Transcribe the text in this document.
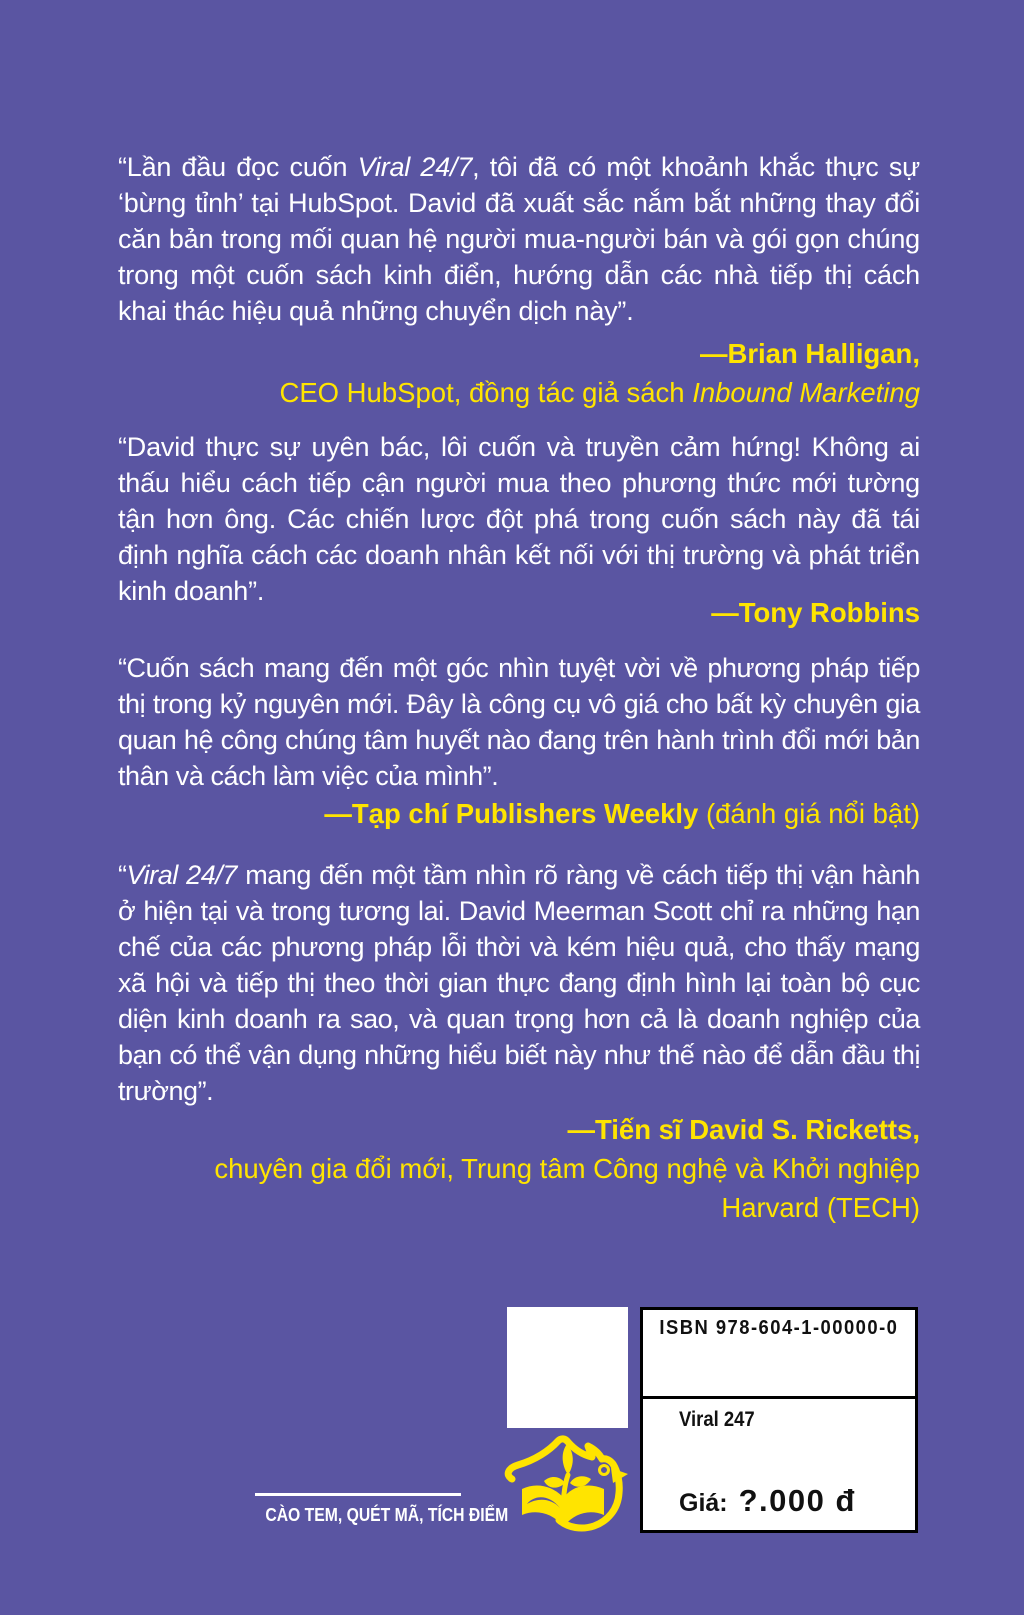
“Lần đầu đọc cuốn Viral 24/7, tôi đã có một khoảnh khắc thực sự ‘bừng tỉnh’ tại HubSpot. David đã xuất sắc nắm bắt những thay đổi căn bản trong mối quan hệ người mua-người bán và gói gọn chúng trong một cuốn sách kinh điển, hướng dẫn các nhà tiếp thị cách khai thác hiệu quả những chuyển dịch này”.

—Brian Halligan,
CEO HubSpot, đồng tác giả sách Inbound Marketing

“David thực sự uyên bác, lôi cuốn và truyền cảm hứng! Không ai thấu hiểu cách tiếp cận người mua theo phương thức mới tường tận hơn ông. Các chiến lược đột phá trong cuốn sách này đã tái định nghĩa cách các doanh nhân kết nối với thị trường và phát triển kinh doanh”.

—Tony Robbins

“Cuốn sách mang đến một góc nhìn tuyệt vời về phương pháp tiếp thị trong kỷ nguyên mới. Đây là công cụ vô giá cho bất kỳ chuyên gia quan hệ công chúng tâm huyết nào đang trên hành trình đổi mới bản thân và cách làm việc của mình”.

—Tạp chí Publishers Weekly (đánh giá nổi bật)

“Viral 24/7 mang đến một tầm nhìn rõ ràng về cách tiếp thị vận hành ở hiện tại và trong tương lai. David Meerman Scott chỉ ra những hạn chế của các phương pháp lỗi thời và kém hiệu quả, cho thấy mạng xã hội và tiếp thị theo thời gian thực đang định hình lại toàn bộ cục diện kinh doanh ra sao, và quan trọng hơn cả là doanh nghiệp của bạn có thể vận dụng những hiểu biết này như thế nào để dẫn đầu thị trường”.

—Tiến sĩ David S. Ricketts,
chuyên gia đổi mới, Trung tâm Công nghệ và Khởi nghiệp Harvard (TECH)
ISBN 978-604-1-00000-0
Viral 247
Giá: ?.000 đ
CÀO TEM, QUÉT MÃ, TÍCH ĐIỂM
